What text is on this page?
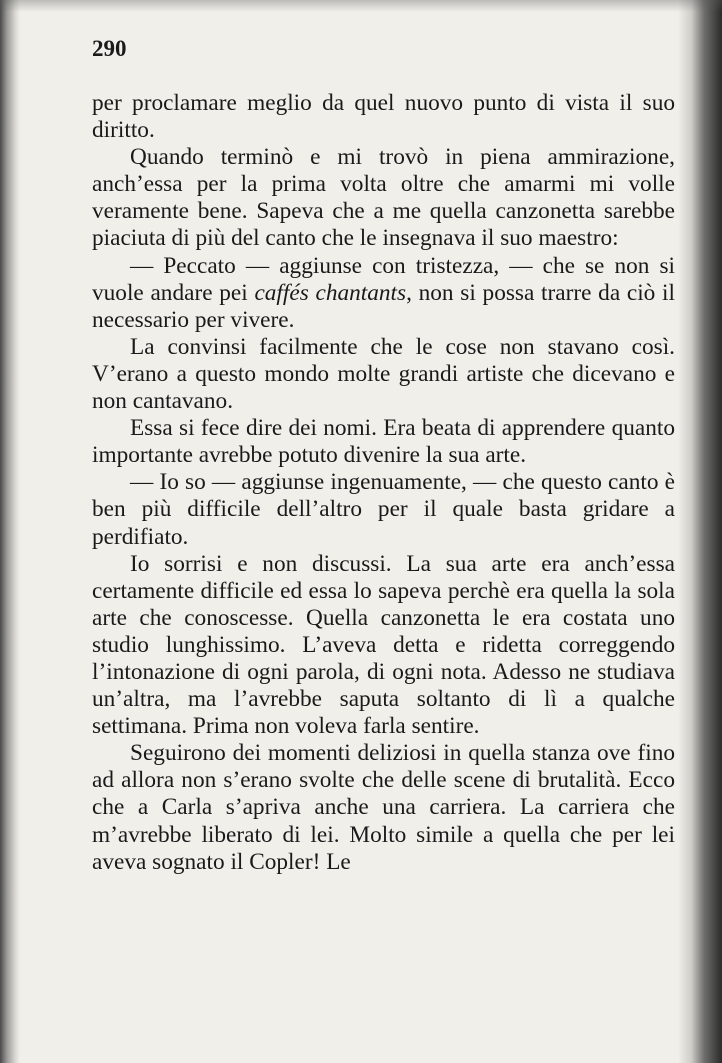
290

per proclamare meglio da quel nuovo punto di vista il suo diritto.

Quando terminò e mi trovò in piena ammirazione, anch’essa per la prima volta oltre che amarmi mi volle veramente bene. Sapeva che a me quella canzonetta sarebbe piaciuta di più del canto che le insegnava il suo maestro:

— Peccato — aggiunse con tristezza, — che se non si vuole andare pei caffés chantants, non si possa trarre da ciò il necessario per vivere.

La convinsi facilmente che le cose non stavano così. V’erano a questo mondo molte grandi artiste che dicevano e non cantavano.

Essa si fece dire dei nomi. Era beata di apprendere quanto importante avrebbe potuto divenire la sua arte.

— Io so — aggiunse ingenuamente, — che questo canto è ben più difficile dell’altro per il quale basta gridare a perdifiato.

Io sorrisi e non discussi. La sua arte era anch’essa certamente difficile ed essa lo sapeva perchè era quella la sola arte che conoscesse. Quella canzonetta le era costata uno studio lunghissimo. L’aveva detta e ridetta correggendo l’intonazione di ogni parola, di ogni nota. Adesso ne studiava un’altra, ma l’avrebbe saputa soltanto di lì a qualche settimana. Prima non voleva farla sentire.

Seguirono dei momenti deliziosi in quella stanza ove fino ad allora non s’erano svolte che delle scene di brutalità. Ecco che a Carla s’apriva anche una carriera. La carriera che m’avrebbe liberato di lei. Molto simile a quella che per lei aveva sognato il Copler! Le
